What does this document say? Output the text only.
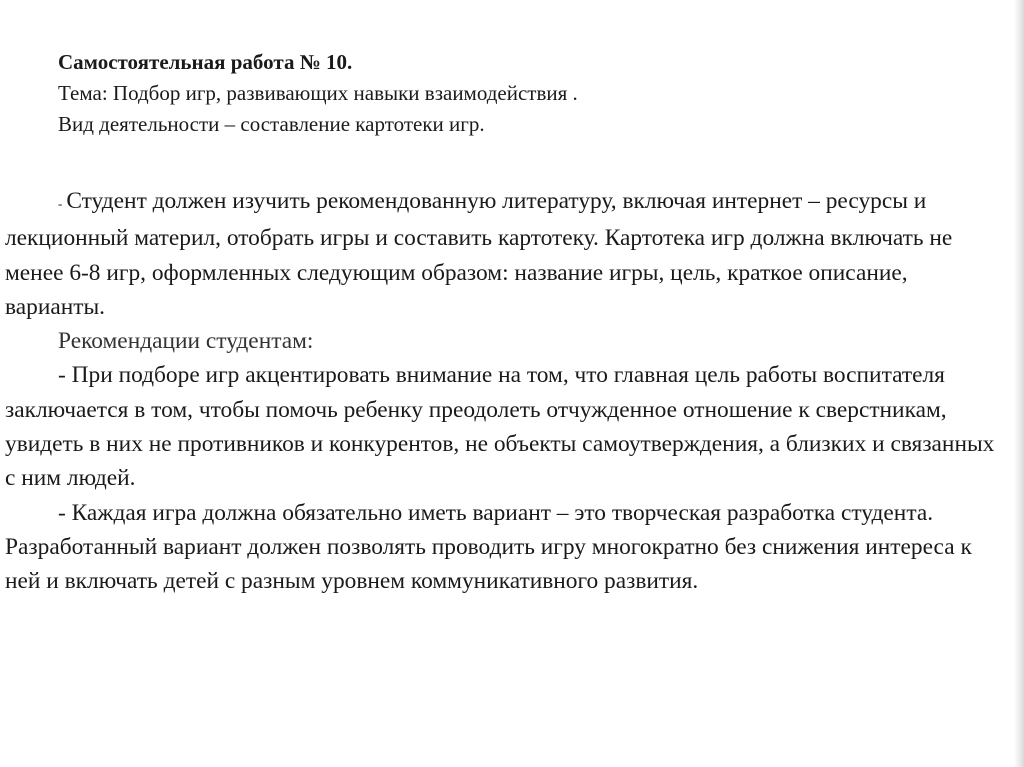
Самостоятельная работа № 10.
Тема: Подбор игр, развивающих навыки взаимодействия .
Вид деятельности – составление картотеки игр.

- Студент должен изучить рекомендованную литературу, включая интернет – ресурсы и лекционный материл, отобрать игры и составить картотеку. Картотека игр должна включать не менее 6-8 игр, оформленных следующим образом: название игры, цель, краткое описание, варианты.

Рекомендации студентам:

- При подборе игр акцентировать внимание на том, что главная цель работы воспитателя заключается в том, чтобы помочь ребенку преодолеть отчужденное отношение к сверстникам, увидеть в них не противников и конкурентов, не объекты самоутверждения, а близких и связанных с ним людей.

- Каждая игра должна обязательно иметь вариант – это творческая разработка студента. Разработанный вариант должен позволять проводить игру многократно без снижения интереса к ней и включать детей с разным уровнем коммуникативного развития.
